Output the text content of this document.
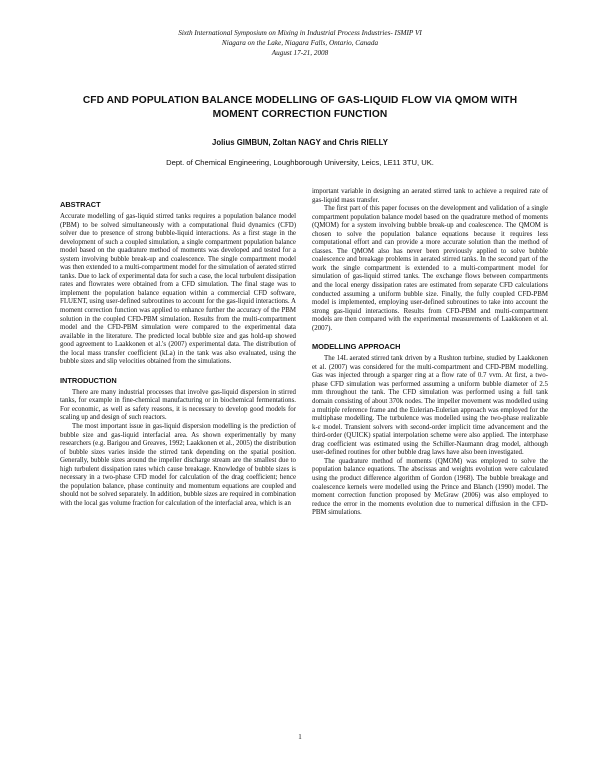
Sixth International Symposium on Mixing in Industrial Process Industries- ISMIP VI
Niagara on the Lake, Niagara Falls, Ontario, Canada
August 17-21, 2008
CFD AND POPULATION BALANCE MODELLING OF GAS-LIQUID FLOW VIA QMOM WITH MOMENT CORRECTION FUNCTION
Jolius GIMBUN, Zoltan NAGY and Chris RIELLY
Dept. of Chemical Engineering, Loughborough University, Leics, LE11 3TU, UK.
ABSTRACT

Accurate modelling of gas-liquid stirred tanks requires a population balance model (PBM) to be solved simultaneously with a computational fluid dynamics (CFD) solver due to presence of strong bubble-liquid interactions. As a first stage in the development of such a coupled simulation, a single compartment population balance model based on the quadrature method of moments was developed and tested for a system involving bubble break-up and coalescence. The single compartment model was then extended to a multi-compartment model for the simulation of aerated stirred tanks. Due to lack of experimental data for such a case, the local turbulent dissipation rates and flowrates were obtained from a CFD simulation. The final stage was to implement the population balance equation within a commercial CFD software, FLUENT, using user-defined subroutines to account for the gas-liquid interactions. A moment correction function was applied to enhance further the accuracy of the PBM solution in the coupled CFD-PBM simulation. Results from the multi-compartment model and the CFD-PBM simulation were compared to the experimental data available in the literature. The predicted local bubble size and gas hold-up showed good agreement to Laakkonen et al.'s (2007) experimental data. The distribution of the local mass transfer coefficient (kLa) in the tank was also evaluated, using the bubble sizes and slip velocities obtained from the simulations.

INTRODUCTION

There are many industrial processes that involve gas-liquid dispersion in stirred tanks, for example in fine-chemical manufacturing or in biochemical fermentations. For economic, as well as safety reasons, it is necessary to develop good models for scaling up and design of such reactors.

The most important issue in gas-liquid dispersion modelling is the prediction of bubble size and gas-liquid interfacial area. As shown experimentally by many researchers (e.g. Barigou and Greaves, 1992; Laakkonen et al., 2005) the distribution of bubble sizes varies inside the stirred tank depending on the spatial position. Generally, bubble sizes around the impeller discharge stream are the smallest due to high turbulent dissipation rates which cause breakage. Knowledge of bubble sizes is necessary in a two-phase CFD model for calculation of the drag coefficient; hence the population balance, phase continuity and momentum equations are coupled and should not be solved separately. In addition, bubble sizes are required in combination with the local gas volume fraction for calculation of the interfacial area, which is an

important variable in designing an aerated stirred tank to achieve a required rate of gas-liquid mass transfer.

The first part of this paper focuses on the development and validation of a single compartment population balance model based on the quadrature method of moments (QMOM) for a system involving bubble break-up and coalescence. The QMOM is chosen to solve the population balance equations because it requires less computational effort and can provide a more accurate solution than the method of classes. The QMOM also has never been previously applied to solve bubble coalescence and breakage problems in aerated stirred tanks. In the second part of the work the single compartment is extended to a multi-compartment model for simulation of gas-liquid stirred tanks. The exchange flows between compartments and the local energy dissipation rates are estimated from separate CFD calculations conducted assuming a uniform bubble size. Finally, the fully coupled CFD-PBM model is implemented, employing user-defined subroutines to take into account the strong gas-liquid interactions. Results from CFD-PBM and multi-compartment models are then compared with the experimental measurements of Laakkonen et al. (2007).

MODELLING APPROACH

The 14L aerated stirred tank driven by a Rushton turbine, studied by Laakkonen et al. (2007) was considered for the multi-compartment and CFD-PBM modelling. Gas was injected through a sparger ring at a flow rate of 0.7 vvm. At first, a two-phase CFD simulation was performed assuming a uniform bubble diameter of 2.5 mm throughout the tank. The CFD simulation was performed using a full tank domain consisting of about 370k nodes. The impeller movement was modelled using a multiple reference frame and the Eulerian-Eulerian approach was employed for the multiphase modelling. The turbulence was modelled using the two-phase realizable k-ε model. Transient solvers with second-order implicit time advancement and the third-order (QUICK) spatial interpolation scheme were also applied. The interphase drag coefficient was estimated using the Schiller-Naumann drag model, although user-defined routines for other bubble drag laws have also been investigated.

The quadrature method of moments (QMOM) was employed to solve the population balance equations. The abscissas and weights evolution were calculated using the product difference algorithm of Gordon (1968). The bubble breakage and coalescence kernels were modelled using the Prince and Blanch (1990) model. The moment correction function proposed by McGraw (2006) was also employed to reduce the error in the moments evolution due to numerical diffusion in the CFD-PBM simulations.

1
